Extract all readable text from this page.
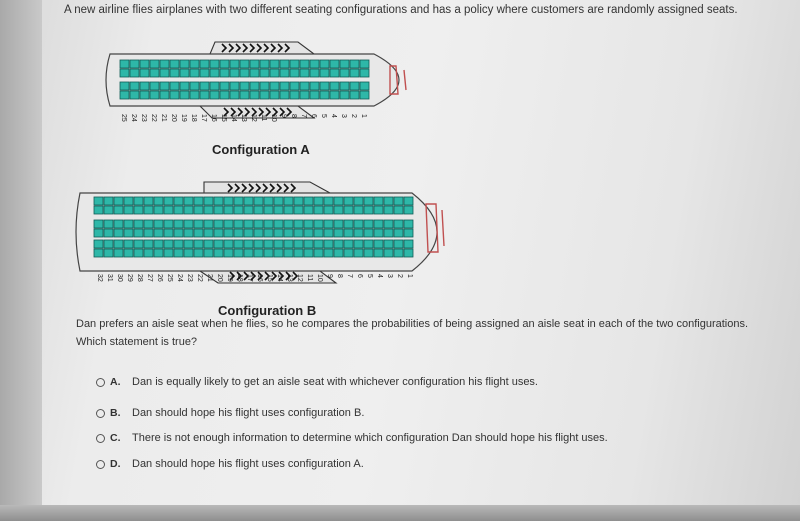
A new airline flies airplanes with two different seating configurations and has a policy where customers are randomly assigned seats.
25 24 23 22 21 20 19 18 17 16 15 14 13 12 11 10 9 8 7 6 5 4 3 2 1
Configuration A
32 31 30 29 28 27 26 25 24 23 22 21 20 19 18 17 16 15 14 13 12 11 10 9 8 7 6 5 4 3 2 1
Configuration B
Dan prefers an aisle seat when he flies, so he compares the probabilities of being assigned an aisle seat in each of the two configurations.
Which statement is true?
A.	Dan is equally likely to get an aisle seat with whichever configuration his flight uses.
B.	Dan should hope his flight uses configuration B.
C.	There is not enough information to determine which configuration Dan should hope his flight uses.
D.	Dan should hope his flight uses configuration A.
